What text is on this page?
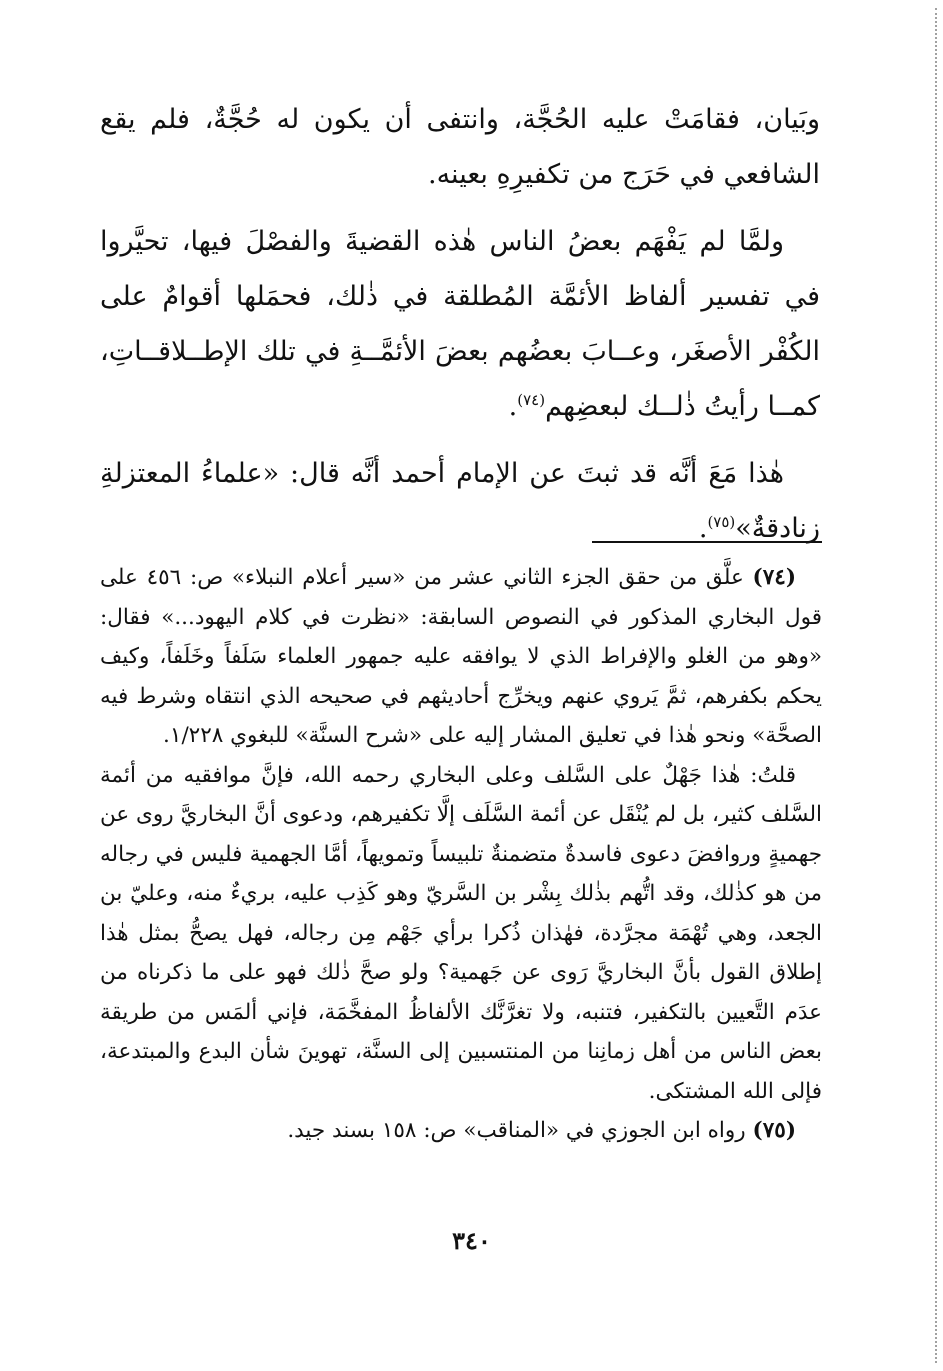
وبَيان، فقامَتْ عليه الحُجَّة، وانتفى أن يكون له حُجَّةٌ، فلم يقع الشافعي في حَرَج من تكفيرِهِ بعينه.

ولمَّا لم يَفْهَم بعضُ الناس هٰذه القضيةَ والفصْلَ فيها، تحيَّروا في تفسير ألفاظ الأئمَّة المُطلقة في ذٰلك، فحمَلها أقوامٌ على الكُفْر الأصغَر، وعــابَ بعضُهم بعضَ الأئمَّــةِ في تلك الإطــلاقــاتِ، كمــا رأيتُ ذٰلــك لبعضِهم$^{(٧٤)}$.

هٰذا مَعَ أنَّه قد ثبتَ عن الإمام أحمد أنَّه قال: «علماءُ المعتزلةِ زنادقةٌ»$^{(٧٥)}$.

(٧٤) علَّق من حقق الجزء الثاني عشر من «سير أعلام النبلاء» ص: ٤٥٦ على قول البخاري المذكور في النصوص السابقة: «نظرت في كلام اليهود...» فقال: «وهو من الغلو والإفراط الذي لا يوافقه عليه جمهور العلماء سَلَفاً وخَلَفاً، وكيف يحكم بكفرهم، ثمَّ يَروي عنهم ويخرِّج أحاديثهم في صحيحه الذي انتقاه وشرط فيه الصحَّة» ونحو هٰذا في تعليق المشار إليه على «شرح السنَّة» للبغوي ١/٢٢٨.

قلتُ: هٰذا جَهْلٌ على السَّلف وعلى البخاري رحمه الله، فإنَّ موافقيه من أئمة السَّلف كثير، بل لم يُنْقَل عن أئمة السَّلَف إلَّا تكفيرهم، ودعوى أنَّ البخاريَّ روى عن جهميةٍ وروافضَ دعوى فاسدةٌ متضمنةٌ تلبيساً وتمويهاً، أمَّا الجهمية فليس في رجاله من هو كذٰلك، وقد اتُّهم بذٰلك بِشْر بن السَّريّ وهو كَذِب عليه، بريءٌ منه، وعليّ بن الجعد، وهي تُهْمَة مجرَّدة، فهٰذان ذُكرا برأي جَهْم مِن رجاله، فهل يصحُّ بمثل هٰذا إطلاق القول بأنَّ البخاريَّ رَوى عن جَهمية؟ ولو صحَّ ذٰلك فهو على ما ذكرناه من عدَم التَّعيين بالتكفير، فتنبه، ولا تغرَّنَّك الألفاظُ المفخَّمَة، فإني ألمَس من طريقة بعض الناس من أهل زمانِنا من المنتسبين إلى السنَّة، تهوينَ شأن البدع والمبتدعة، فإلى الله المشتكى.

(٧٥) رواه ابن الجوزي في «المناقب» ص: ١٥٨ بسند جيد.

٣٤٠
